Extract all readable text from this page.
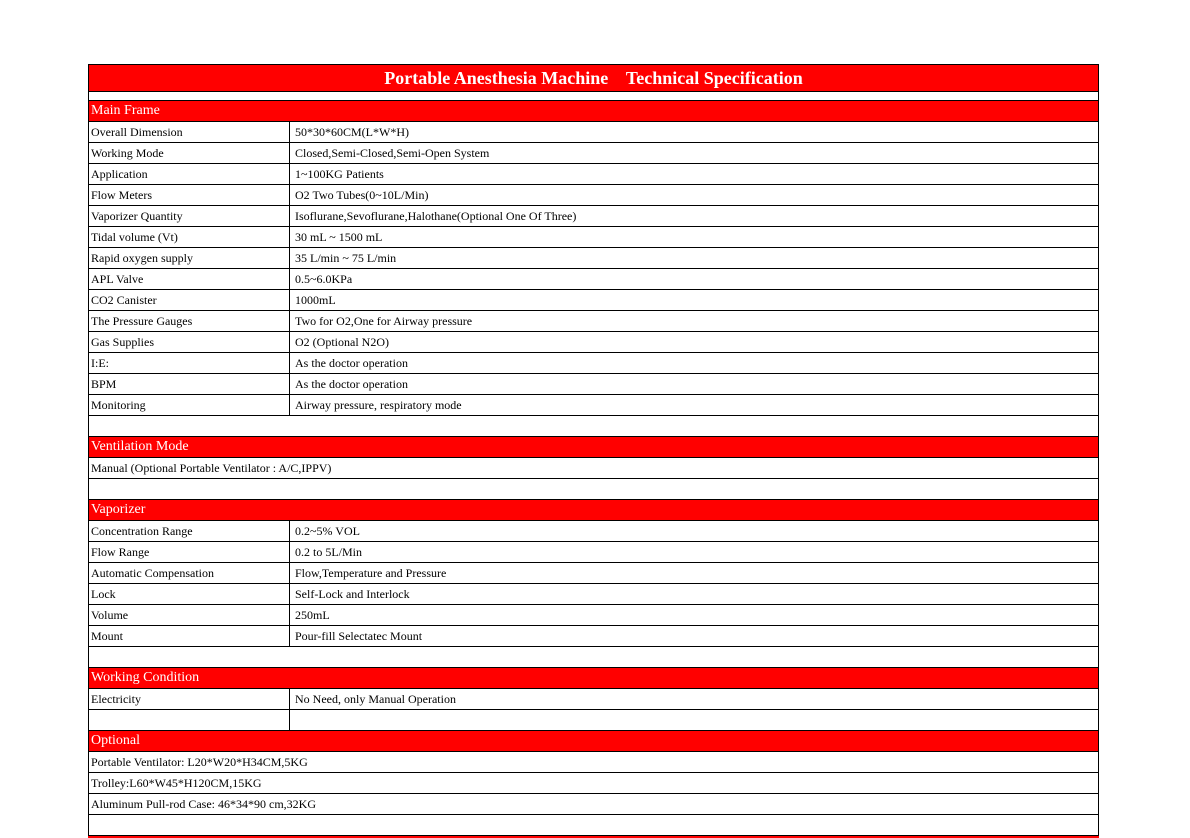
Portable Anesthesia Machine    Technical Specification
Main Frame
Overall Dimension	50*30*60CM(L*W*H)
Working Mode	Closed,Semi-Closed,Semi-Open System
Application	1~100KG Patients
Flow Meters	O2 Two Tubes(0~10L/Min)
Vaporizer Quantity	Isoflurane,Sevoflurane,Halothane(Optional One Of Three)
Tidal volume (Vt)	30 mL ~ 1500 mL
Rapid oxygen supply	35 L/min ~ 75 L/min
APL Valve	0.5~6.0KPa
CO2 Canister	1000mL
The Pressure Gauges	Two for O2,One for Airway pressure
Gas Supplies	O2 (Optional N2O)
I:E:	As the doctor operation
BPM	As the doctor operation
Monitoring	Airway pressure, respiratory mode
Ventilation Mode
Manual (Optional Portable Ventilator : A/C,IPPV)
Vaporizer
Concentration Range	0.2~5% VOL
Flow Range	0.2 to 5L/Min
Automatic Compensation	Flow,Temperature and Pressure
Lock	Self-Lock and Interlock
Volume	250mL
Mount	Pour-fill Selectatec Mount
Working Condition
Electricity	No Need, only Manual Operation
Optional
Portable Ventilator: L20*W20*H34CM,5KG
Trolley:L60*W45*H120CM,15KG
Aluminum Pull-rod Case: 46*34*90 cm,32KG
